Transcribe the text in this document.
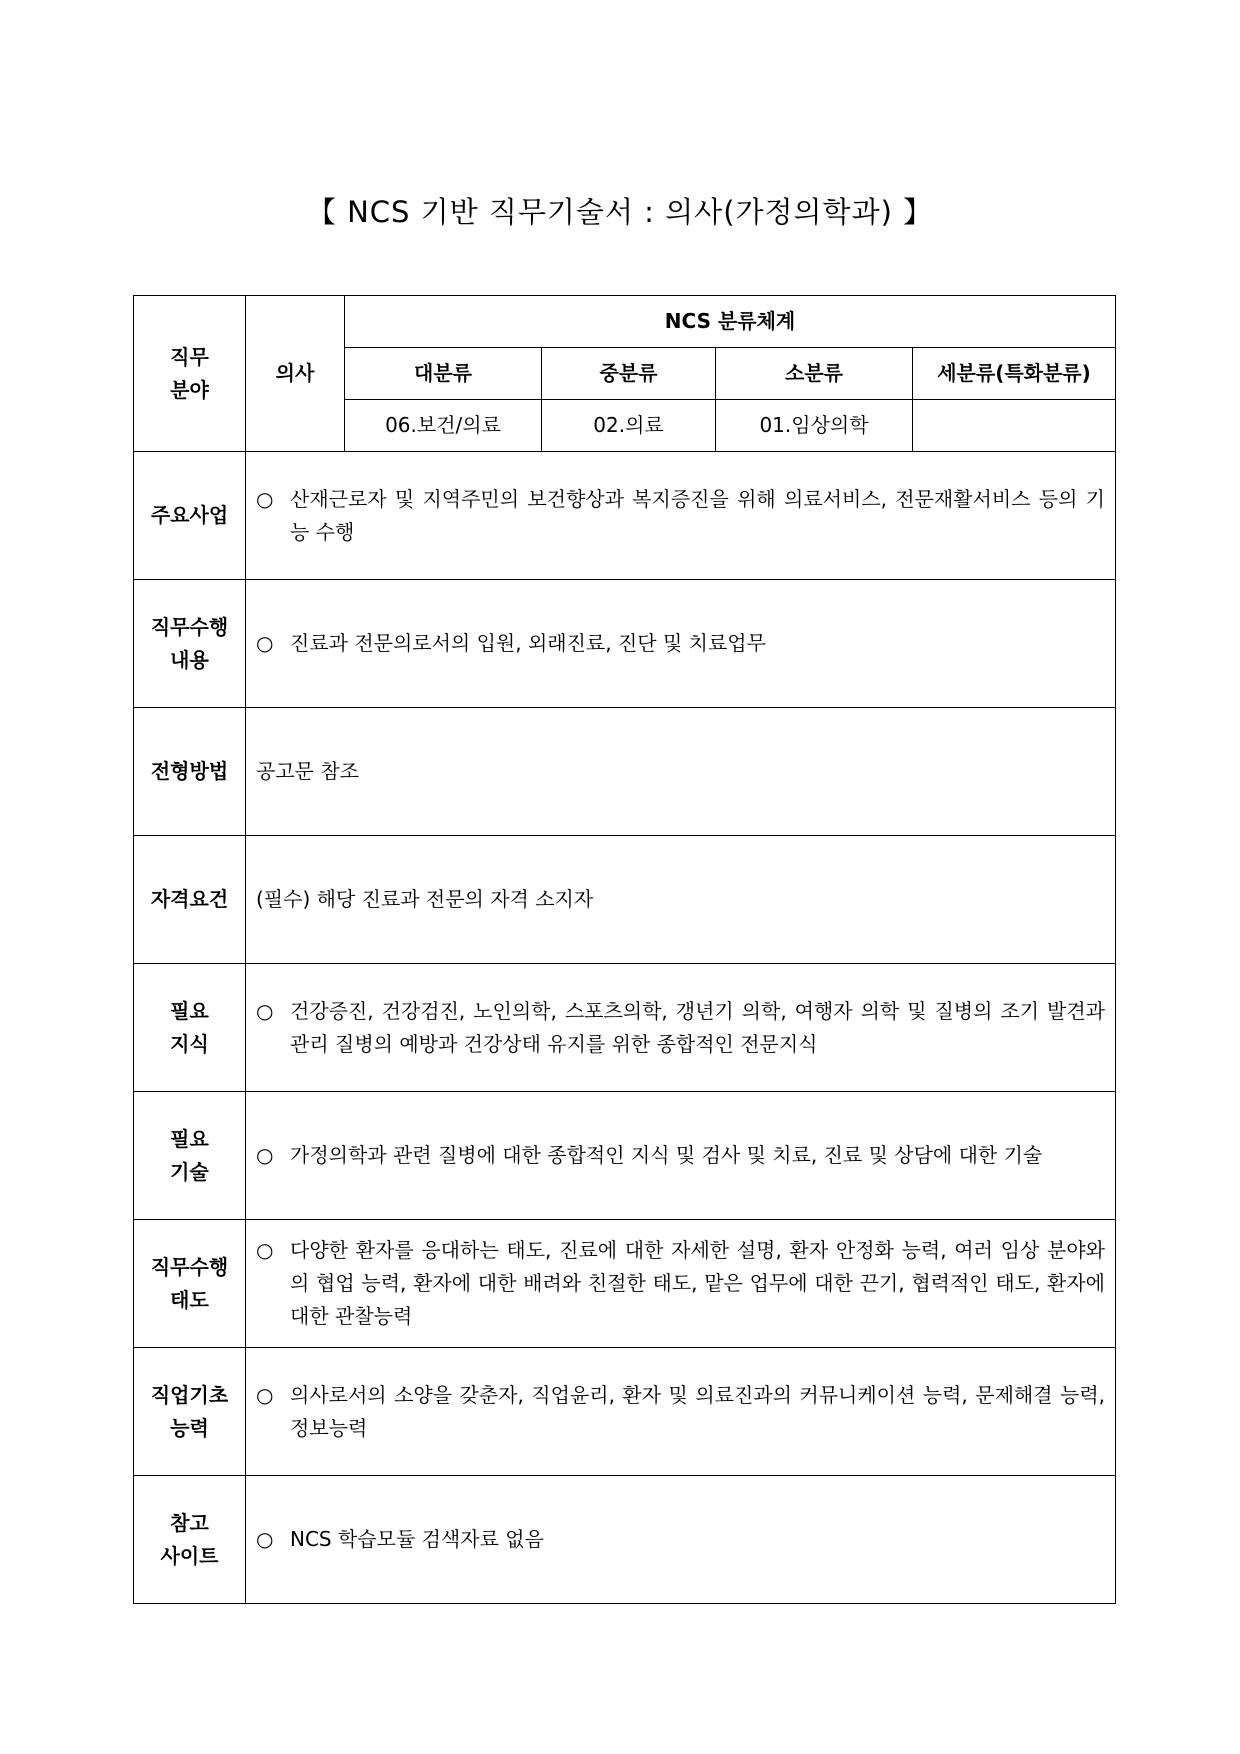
【 NCS 기반 직무기술서 : 의사(가정의학과) 】
직무
분야	의사	NCS 분류체계			
		대분류	중분류	소분류	세분류(특화분류)
		06.보건/의료	02.의료	01.임상의학	

주요사업	○ 산재근로자 및 지역주민의 보건향상과 복지증진을 위해 의료서비스, 전문재활서비스 등의 기능 수행				

직무수행
내용	○ 진료과 전문의로서의 입원, 외래진료, 진단 및 치료업무				

전형방법	공고문 참조				

자격요건	(필수) 해당 진료과 전문의 자격 소지자				

필요
지식	○ 건강증진, 건강검진, 노인의학, 스포츠의학, 갱년기 의학, 여행자 의학 및 질병의 조기 발견과 관리 질병의 예방과 건강상태 유지를 위한 종합적인 전문지식				

필요
기술	○ 가정의학과 관련 질병에 대한 종합적인 지식 및 검사 및 치료, 진료 및 상담에 대한 기술				

직무수행
태도	○ 다양한 환자를 응대하는 태도, 진료에 대한 자세한 설명, 환자 안정화 능력, 여러 임상 분야와의 협업 능력, 환자에 대한 배려와 친절한 태도, 맡은 업무에 대한 끈기, 협력적인 태도, 환자에 대한 관찰능력				

직업기초
능력	○ 의사로서의 소양을 갖춘자, 직업윤리, 환자 및 의료진과의 커뮤니케이션 능력, 문제해결 능력, 정보능력				

참고
사이트	○ NCS 학습모듈 검색자료 없음				
